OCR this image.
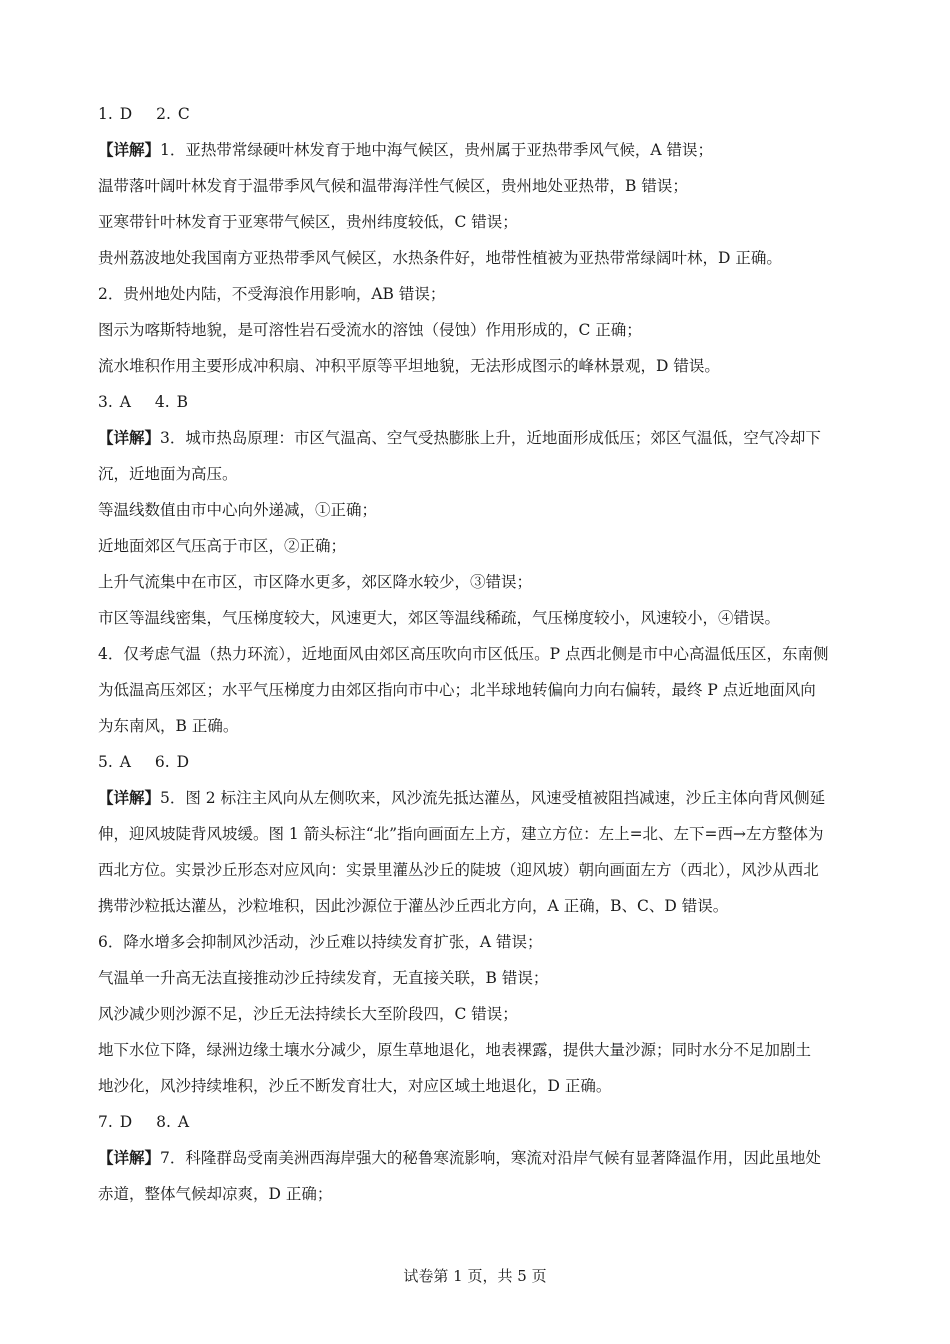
1. D 2. C
【详解】1．亚热带常绿硬叶林发育于地中海气候区，贵州属于亚热带季风气候，A 错误；
温带落叶阔叶林发育于温带季风气候和温带海洋性气候区，贵州地处亚热带，B 错误；
亚寒带针叶林发育于亚寒带气候区，贵州纬度较低，C 错误；
贵州荔波地处我国南方亚热带季风气候区，水热条件好，地带性植被为亚热带常绿阔叶林，D 正确。
2．贵州地处内陆，不受海浪作用影响，AB 错误；
图示为喀斯特地貌，是可溶性岩石受流水的溶蚀（侵蚀）作用形成的，C 正确；
流水堆积作用主要形成冲积扇、冲积平原等平坦地貌，无法形成图示的峰林景观，D 错误。
3. A 4. B
【详解】3．城市热岛原理：市区气温高、空气受热膨胀上升，近地面形成低压；郊区气温低，空气冷却下
沉，近地面为高压。
等温线数值由市中心向外递减，①正确；
近地面郊区气压高于市区，②正确；
上升气流集中在市区，市区降水更多，郊区降水较少，③错误；
市区等温线密集，气压梯度较大，风速更大，郊区等温线稀疏，气压梯度较小，风速较小，④错误。
4．仅考虑气温（热力环流），近地面风由郊区高压吹向市区低压。P 点西北侧是市中心高温低压区，东南侧
为低温高压郊区；水平气压梯度力由郊区指向市中心；北半球地转偏向力向右偏转，最终 P 点近地面风向
为东南风，B 正确。
5. A 6. D
【详解】5．图 2 标注主风向从左侧吹来，风沙流先抵达灌丛，风速受植被阻挡减速，沙丘主体向背风侧延
伸，迎风坡陡背风坡缓。图 1 箭头标注“北”指向画面左上方，建立方位：左上=北、左下=西→左方整体为
西北方位。实景沙丘形态对应风向：实景里灌丛沙丘的陡坡（迎风坡）朝向画面左方（西北），风沙从西北
携带沙粒抵达灌丛，沙粒堆积，因此沙源位于灌丛沙丘西北方向，A 正确，B、C、D 错误。
6．降水增多会抑制风沙活动，沙丘难以持续发育扩张，A 错误；
气温单一升高无法直接推动沙丘持续发育，无直接关联，B 错误；
风沙减少则沙源不足，沙丘无法持续长大至阶段四，C 错误；
地下水位下降，绿洲边缘土壤水分减少，原生草地退化，地表裸露，提供大量沙源；同时水分不足加剧土
地沙化，风沙持续堆积，沙丘不断发育壮大，对应区域土地退化，D 正确。
7. D 8. A
【详解】7．科隆群岛受南美洲西海岸强大的秘鲁寒流影响，寒流对沿岸气候有显著降温作用，因此虽地处
赤道，整体气候却凉爽，D 正确；
试卷第 1 页，共 5 页
